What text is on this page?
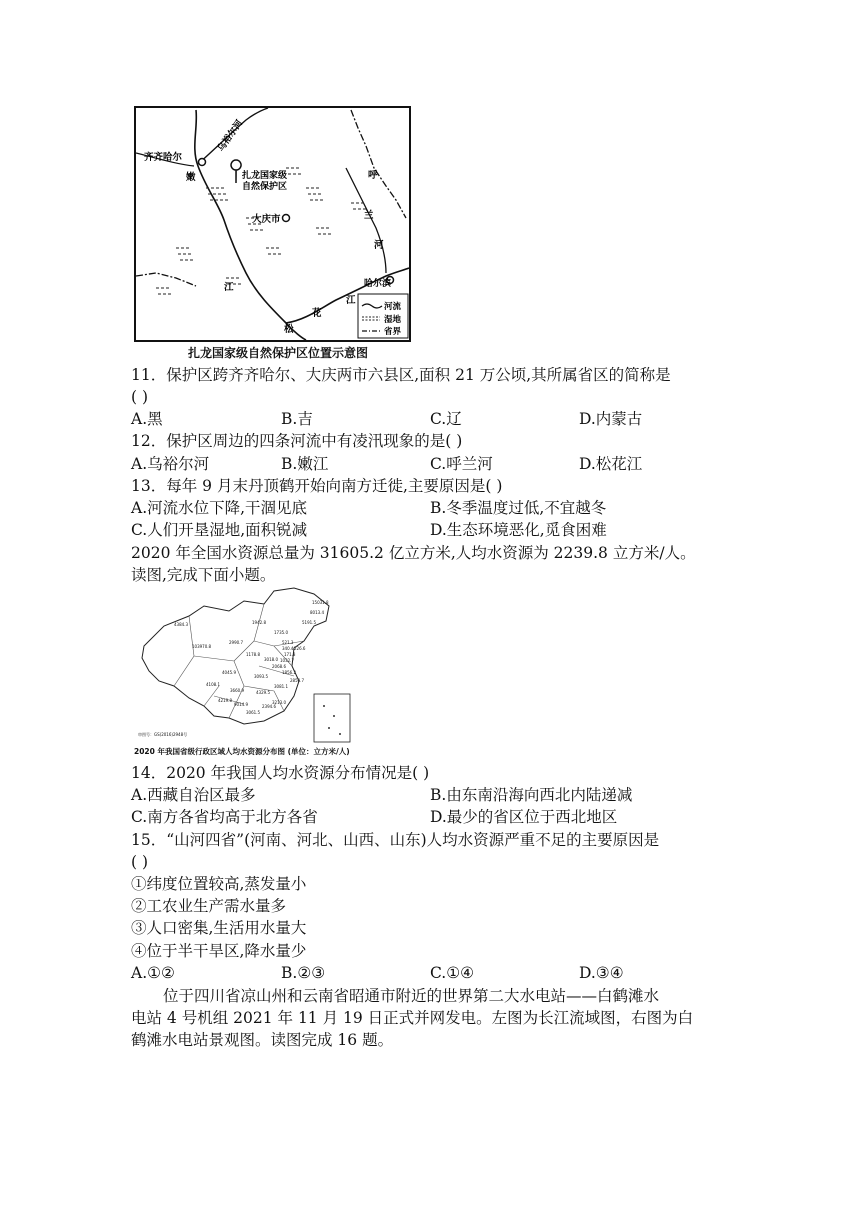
齐齐哈尔
嫩
乌裕尔河
扎龙国家级
自然保护区
大庆市
呼
兰
河
哈尔滨
江
松
花
江
河流
湿地
省界
扎龙国家级自然保护区位置示意图
11．保护区跨齐齐哈尔、大庆两市六县区,面积 21 万公顷,其所属省区的简称是
( )
A.黑	B.吉	C.辽	D.内蒙古
12．保护区周边的四条河流中有凌汛现象的是( )
A.乌裕尔河	B.嫩江	C.呼兰河	D.松花江
13．每年 9 月末丹顶鹤开始向南方迁徙,主要原因是( )
A.河流水位下降,干涸见底	B.冬季温度过低,不宜越冬
C.人们开垦湿地,面积锐减	D.生态环境恶化,觅食困难
2020 年全国水资源总量为 31605.2 亿立方米,人均水资源为 2239.8 立方米/人。
读图,完成下面小题。
15031.8
5191.5
8013.4
1942.8
4384.3
103970.8
2990.7
1735.0
521.3
340.4 226.6
3018.0
1178.8
2068.6
1856.2
3093.5
4045.9
4108.1
3660.9	4329.5
9014.9	3213.0
2394.6
171.8
1032.7
4219.8
3061.5
3081.1
2850.7
审图号：GS(2016)2948号
2020 年我国省级行政区域人均水资源分布图 (单位：立方米/人)
14．2020 年我国人均水资源分布情况是( )
A.西藏自治区最多	B.由东南沿海向西北内陆递减
C.南方各省均高于北方各省	D.最少的省区位于西北地区
15．“山河四省”(河南、河北、山西、山东)人均水资源严重不足的主要原因是
( )
①纬度位置较高,蒸发量小
②工农业生产需水量多
③人口密集,生活用水量大
④位于半干旱区,降水量少
A.①②	B.②③	C.①④	D.③④
位于四川省凉山州和云南省昭通市附近的世界第二大水电站——白鹤滩水
电站 4 号机组 2021 年 11 月 19 日正式并网发电。左图为长江流域图，右图为白
鹤滩水电站景观图。读图完成 16 题。
